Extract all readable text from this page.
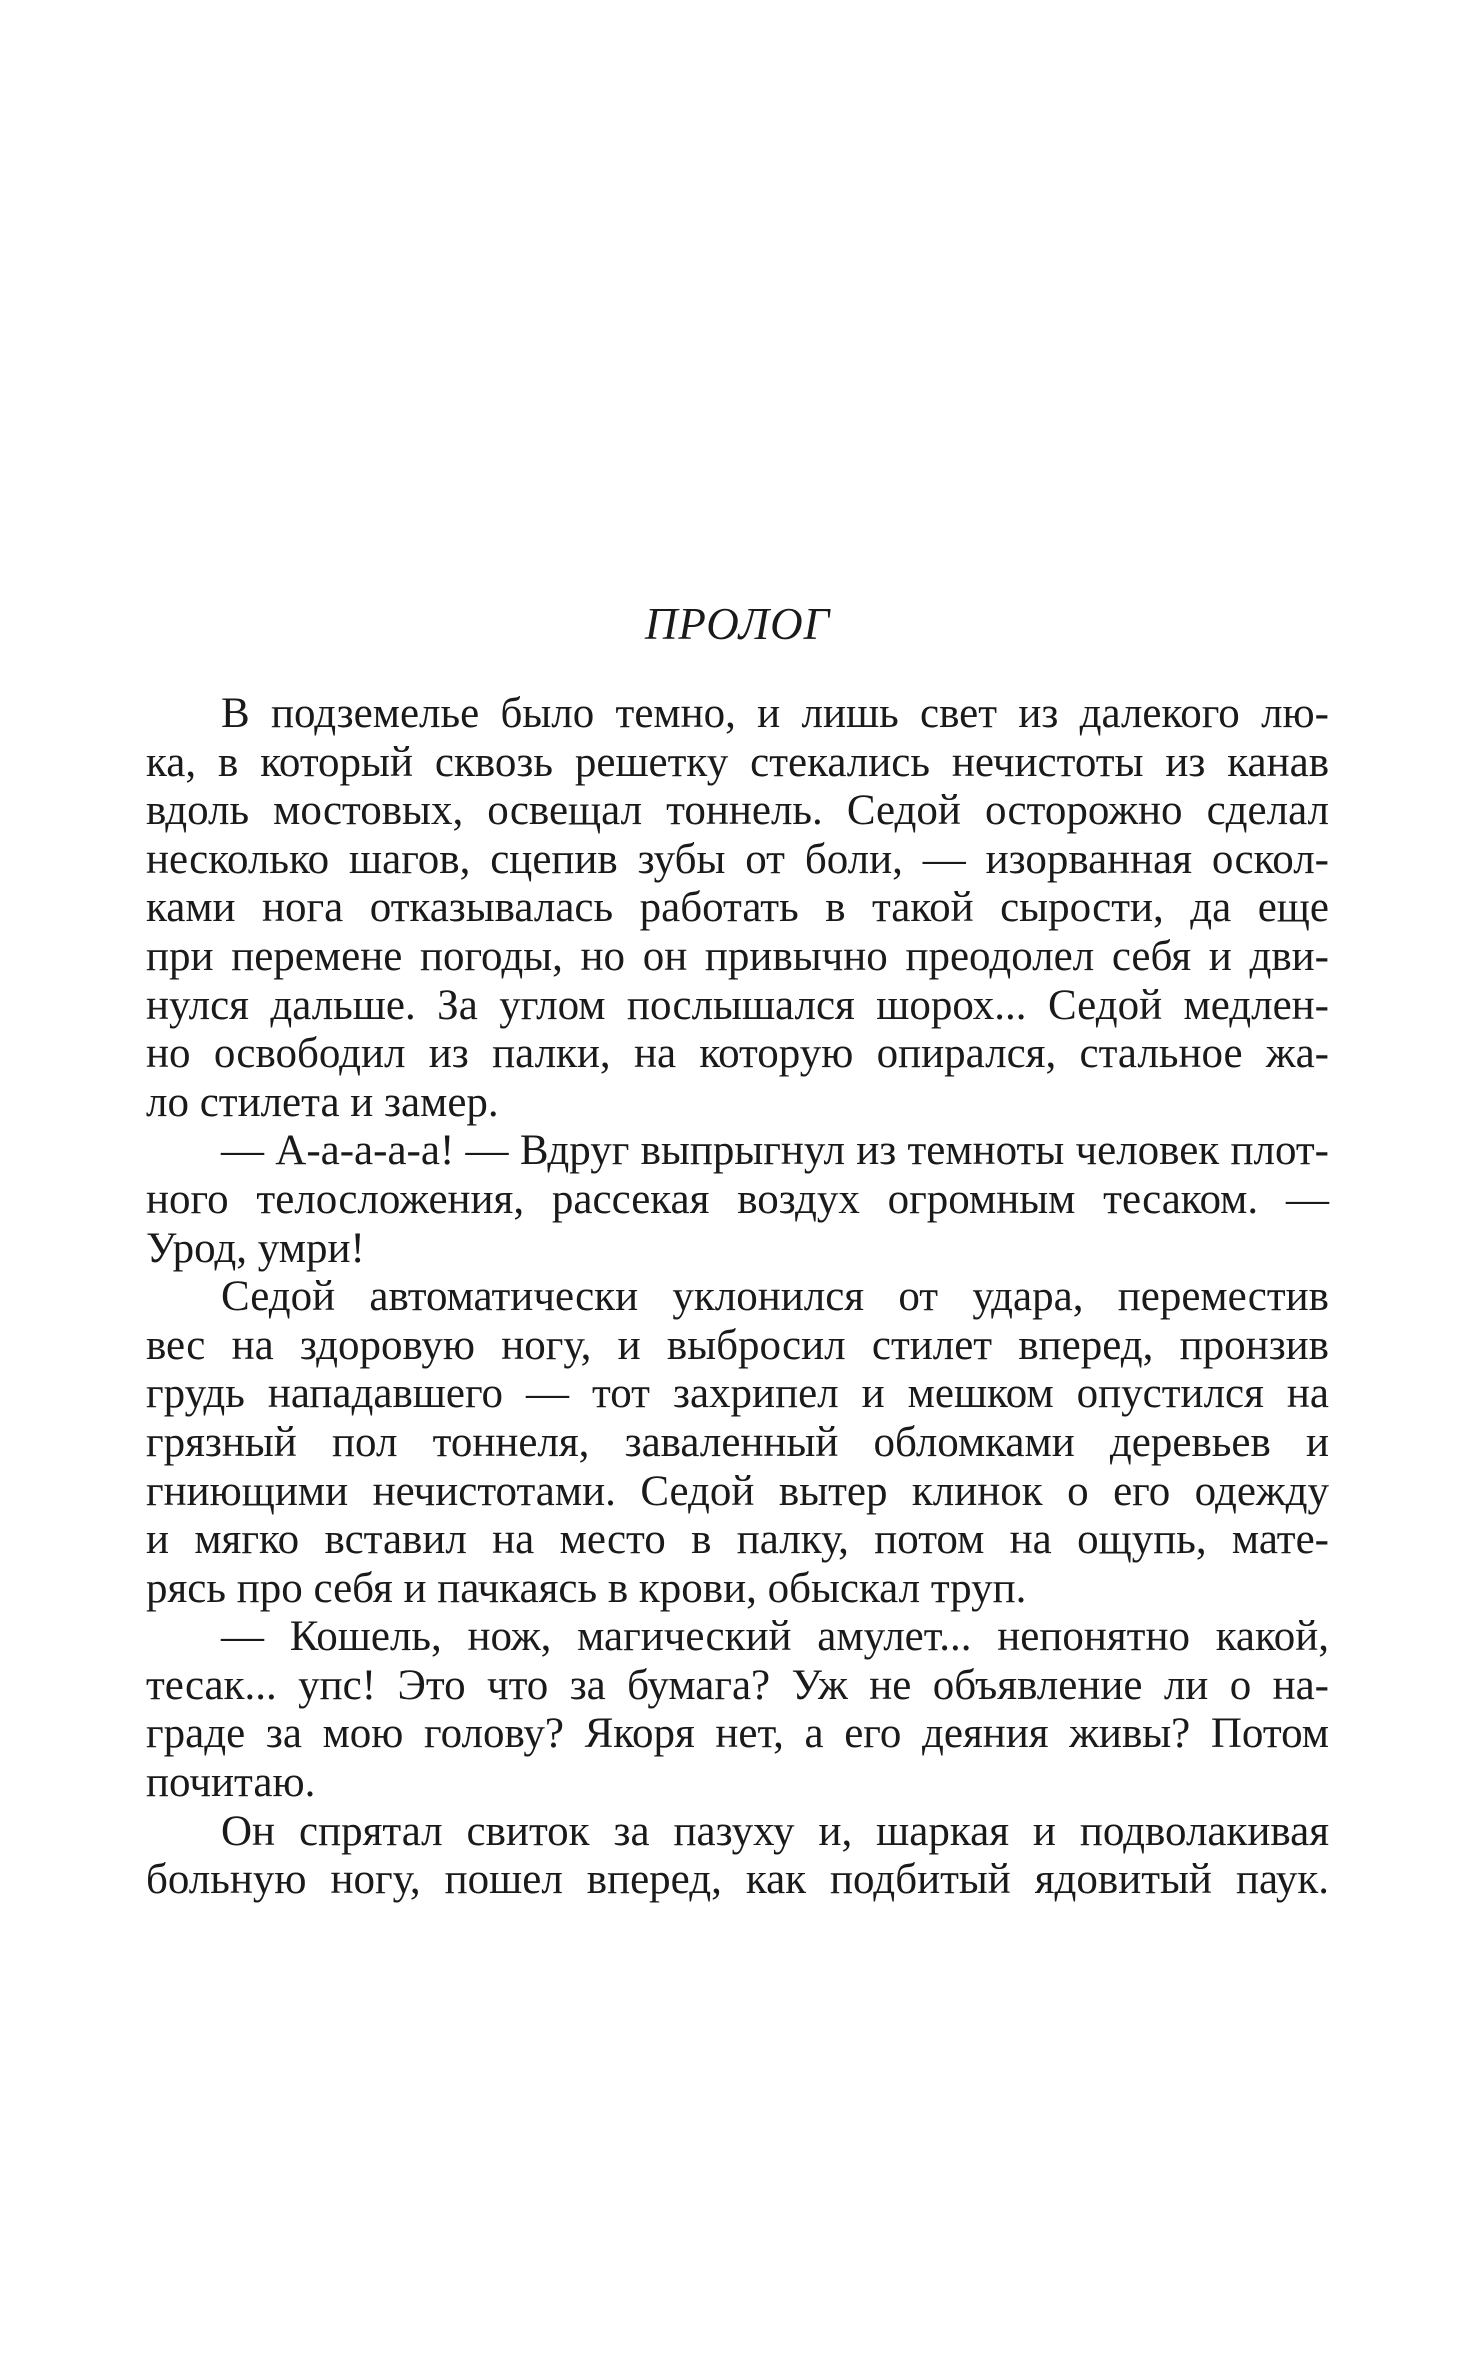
ПРОЛОГ
В подземелье было темно, и лишь свет из далекого лю-
ка, в который сквозь решетку стекались нечистоты из канав
вдоль мостовых, освещал тоннель. Седой осторожно сделал
несколько шагов, сцепив зубы от боли, — изорванная оскол-
ками нога отказывалась работать в такой сырости, да еще
при перемене погоды, но он привычно преодолел себя и дви-
нулся дальше. За углом послышался шорох... Седой медлен-
но освободил из палки, на которую опирался, стальное жа-
ло стилета и замер.
— А-а-а-а-а! — Вдруг выпрыгнул из темноты человек плот-
ного телосложения, рассекая воздух огромным тесаком. —
Урод, умри!
Седой автоматически уклонился от удара, переместив
вес на здоровую ногу, и выбросил стилет вперед, пронзив
грудь нападавшего — тот захрипел и мешком опустился на
грязный пол тоннеля, заваленный обломками деревьев и
гниющими нечистотами. Седой вытер клинок о его одежду
и мягко вставил на место в палку, потом на ощупь, мате-
рясь про себя и пачкаясь в крови, обыскал труп.
— Кошель, нож, магический амулет... непонятно какой,
тесак... упс! Это что за бумага? Уж не объявление ли о на-
граде за мою голову? Якоря нет, а его деяния живы? Потом
почитаю.
Он спрятал свиток за пазуху и, шаркая и подволакивая
больную ногу, пошел вперед, как подбитый ядовитый паук.
